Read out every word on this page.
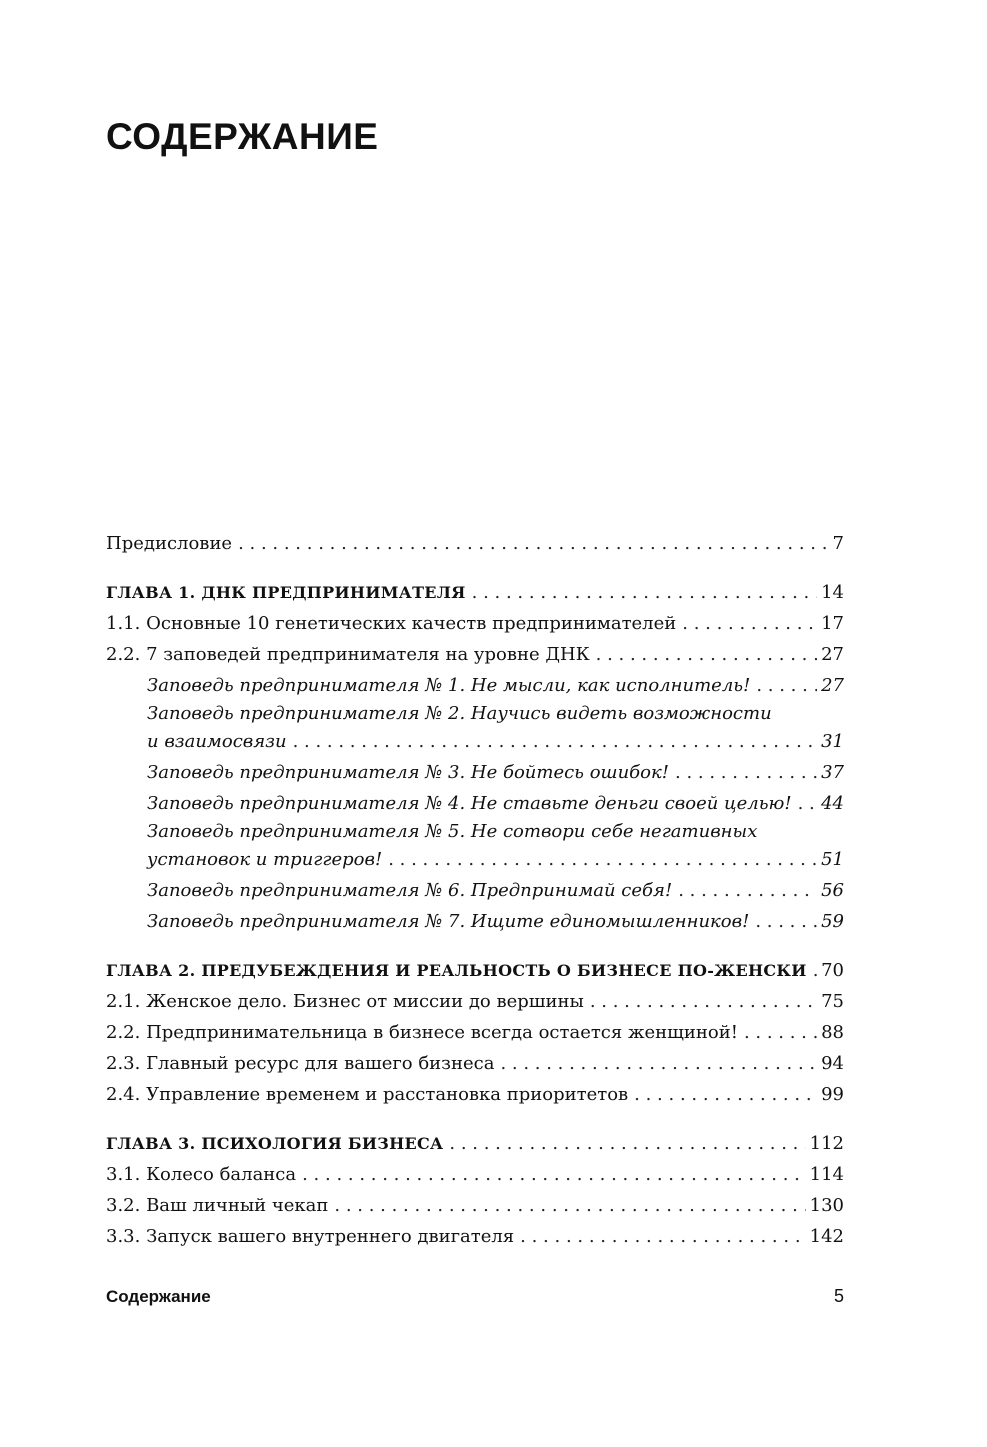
СОДЕРЖАНИЕ
Предисловие . . .	7
ГЛАВА 1. ДНК ПРЕДПРИНИМАТЕЛЯ . . .	14
1.1. Основные 10 генетических качеств предпринимателей . . .	17
2.2. 7 заповедей предпринимателя на уровне ДНК . . .	27
Заповедь предпринимателя № 1. Не мысли, как исполнитель! . . .	27
Заповедь предпринимателя № 2. Научись видеть возможности
и взаимосвязи . . .	31
Заповедь предпринимателя № 3. Не бойтесь ошибок! . . .	37
Заповедь предпринимателя № 4. Не ставьте деньги своей целью! . . .	44
Заповедь предпринимателя № 5. Не сотвори себе негативных
установок и триггеров! . . .	51
Заповедь предпринимателя № 6. Предпринимай себя! . . .	56
Заповедь предпринимателя № 7. Ищите единомышленников! . . .	59
ГЛАВА 2. ПРЕДУБЕЖДЕНИЯ И РЕАЛЬНОСТЬ О БИЗНЕСЕ ПО-ЖЕНСКИ . . . 70
2.1. Женское дело. Бизнес от миссии до вершины . . .	75
2.2. Предпринимательница в бизнесе всегда остается женщиной! . . .	88
2.3. Главный ресурс для вашего бизнеса . . .	94
2.4. Управление временем и расстановка приоритетов . . .	99
ГЛАВА 3. ПСИХОЛОГИЯ БИЗНЕСА . . .	112
3.1. Колесо баланса . . .	114
3.2. Ваш личный чекап . . .	130
3.3. Запуск вашего внутреннего двигателя . . .	142
Содержание	5
